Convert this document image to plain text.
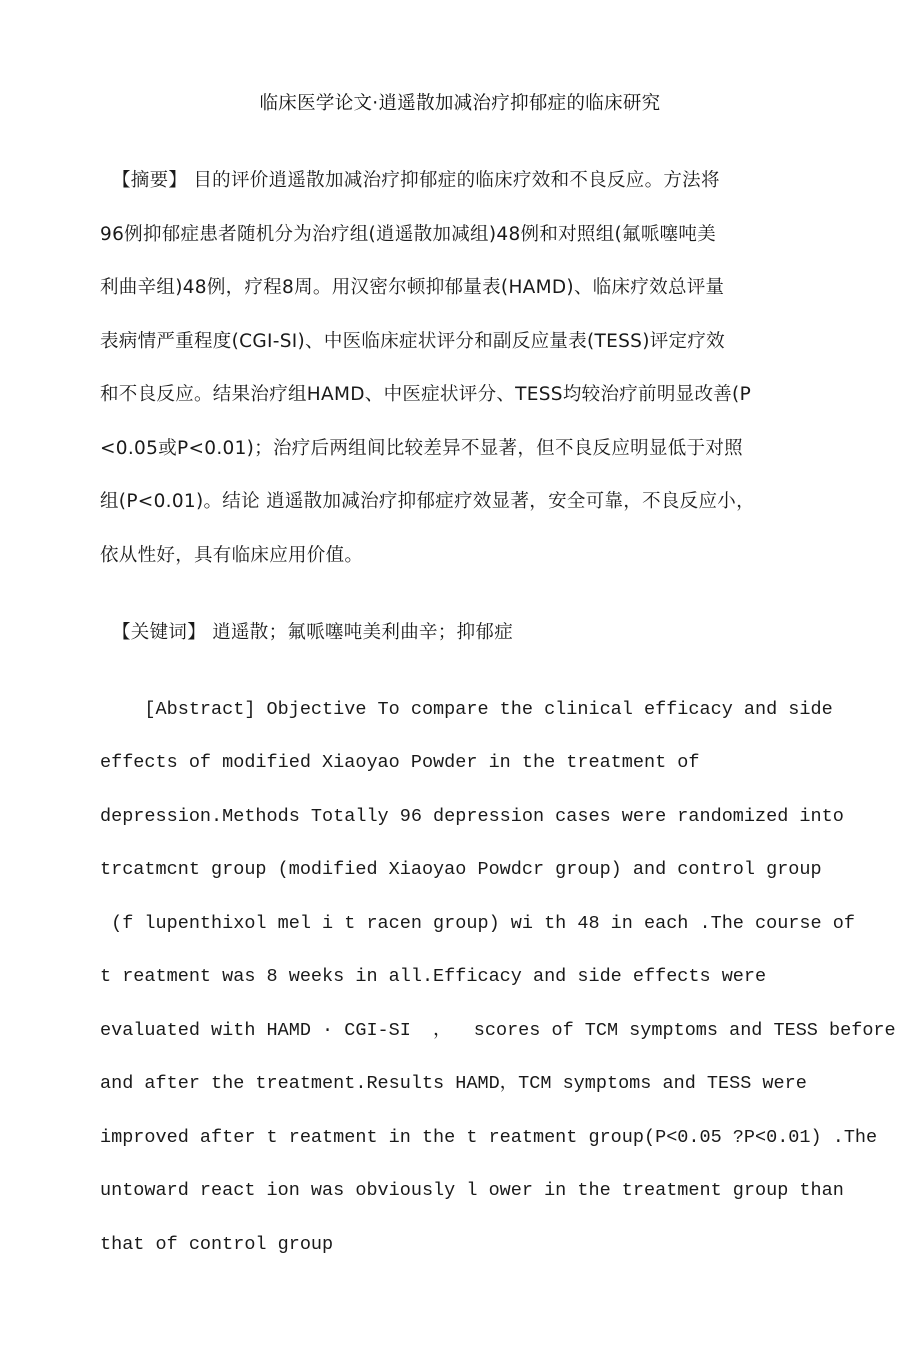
临床医学论文·逍遥散加减治疗抑郁症的临床研究
【摘要】 目的评价逍遥散加减治疗抑郁症的临床疗效和不良反应。方法将
96例抑郁症患者随机分为治疗组(逍遥散加减组)48例和对照组(氟哌噻吨美
利曲辛组)48例，疗程8周。用汉密尔顿抑郁量表(HAMD)、临床疗效总评量
表病情严重程度(CGI-SI)、中医临床症状评分和副反应量表(TESS)评定疗效
和不良反应。结果治疗组HAMD、中医症状评分、TESS均较治疗前明显改善(P
<0.05或P<0.01)；治疗后两组间比较差异不显著，但不良反应明显低于对照
组(P<0.01)。结论 逍遥散加减治疗抑郁症疗效显著，安全可靠，不良反应小，
依从性好，具有临床应用价值。
【关键词】 逍遥散；氟哌噻吨美利曲辛；抑郁症
[Abstract] Objective To compare the clinical efficacy and side
effects of modified Xiaoyao Powder in the treatment of
depression.Methods Totally 96 depression cases were randomized into
trcatmcnt group (modified Xiaoyao Powdcr group) and control group
(f lupenthixol mel i t racen group) wi th 48 in each .The course of
t reatment was 8 weeks in all.Efficacy and side effects were
evaluated with HAMD · CGI-SI  ，  scores of TCM symptoms and TESS before
and after the treatment.Results HAMD，TCM symptoms and TESS were
improved after t reatment in the t reatment group(P<0.05 ?P<0.01) .The
untoward react ion was obviously l ower in the treatment group than
that of control group
